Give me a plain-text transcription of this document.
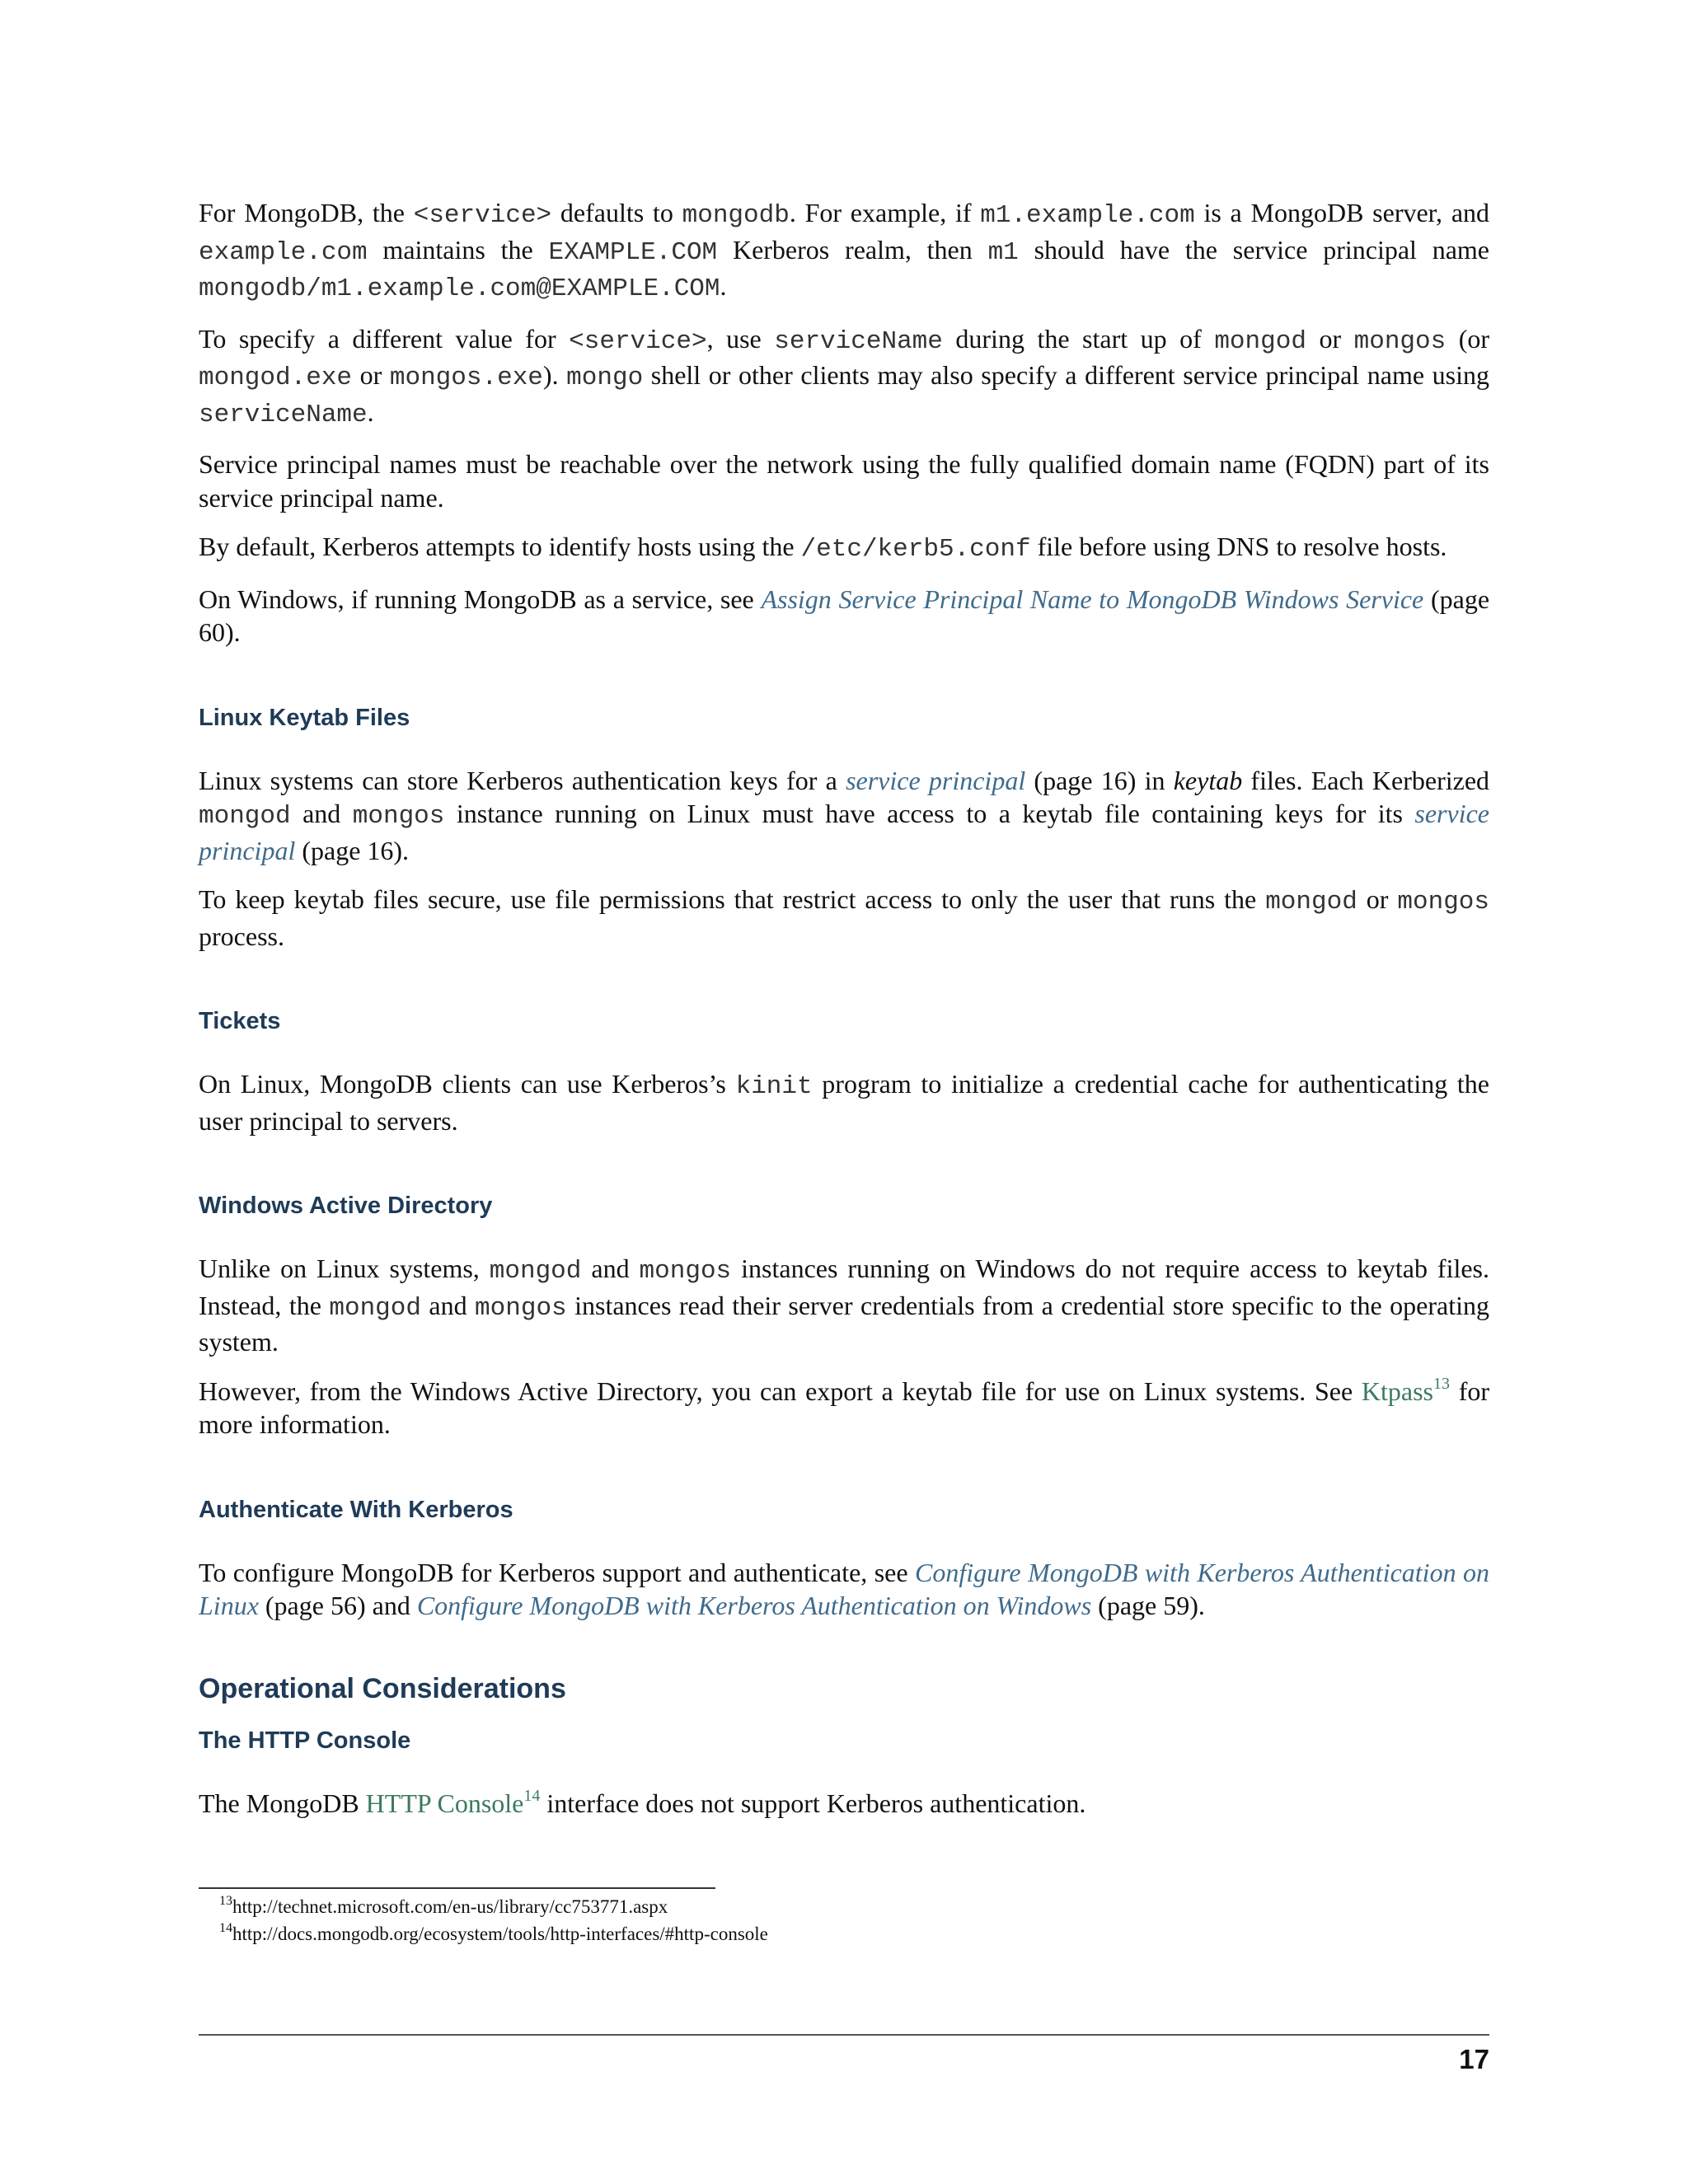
For MongoDB, the <service> defaults to mongodb. For example, if m1.example.com is a MongoDB server, and example.com maintains the EXAMPLE.COM Kerberos realm, then m1 should have the service principal name mongodb/m1.example.com@EXAMPLE.COM.

To specify a different value for <service>, use serviceName during the start up of mongod or mongos (or mongod.exe or mongos.exe). mongo shell or other clients may also specify a different service principal name using serviceName.

Service principal names must be reachable over the network using the fully qualified domain name (FQDN) part of its service principal name.

By default, Kerberos attempts to identify hosts using the /etc/kerb5.conf file before using DNS to resolve hosts.

On Windows, if running MongoDB as a service, see Assign Service Principal Name to MongoDB Windows Service (page 60).

Linux Keytab Files

Linux systems can store Kerberos authentication keys for a service principal (page 16) in keytab files. Each Kerberized mongod and mongos instance running on Linux must have access to a keytab file containing keys for its service principal (page 16).

To keep keytab files secure, use file permissions that restrict access to only the user that runs the mongod or mongos process.

Tickets

On Linux, MongoDB clients can use Kerberos’s kinit program to initialize a credential cache for authenticating the user principal to servers.

Windows Active Directory

Unlike on Linux systems, mongod and mongos instances running on Windows do not require access to keytab files. Instead, the mongod and mongos instances read their server credentials from a credential store specific to the operating system.

However, from the Windows Active Directory, you can export a keytab file for use on Linux systems. See Ktpass$^{13}$ for more information.

Authenticate With Kerberos

To configure MongoDB for Kerberos support and authenticate, see Configure MongoDB with Kerberos Authentication on Linux (page 56) and Configure MongoDB with Kerberos Authentication on Windows (page 59).

Operational Considerations
The HTTP Console

The MongoDB HTTP Console$^{14}$ interface does not support Kerberos authentication.

$^{13}$http://technet.microsoft.com/en-us/library/cc753771.aspx
$^{14}$http://docs.mongodb.org/ecosystem/tools/http-interfaces/#http-console
17
